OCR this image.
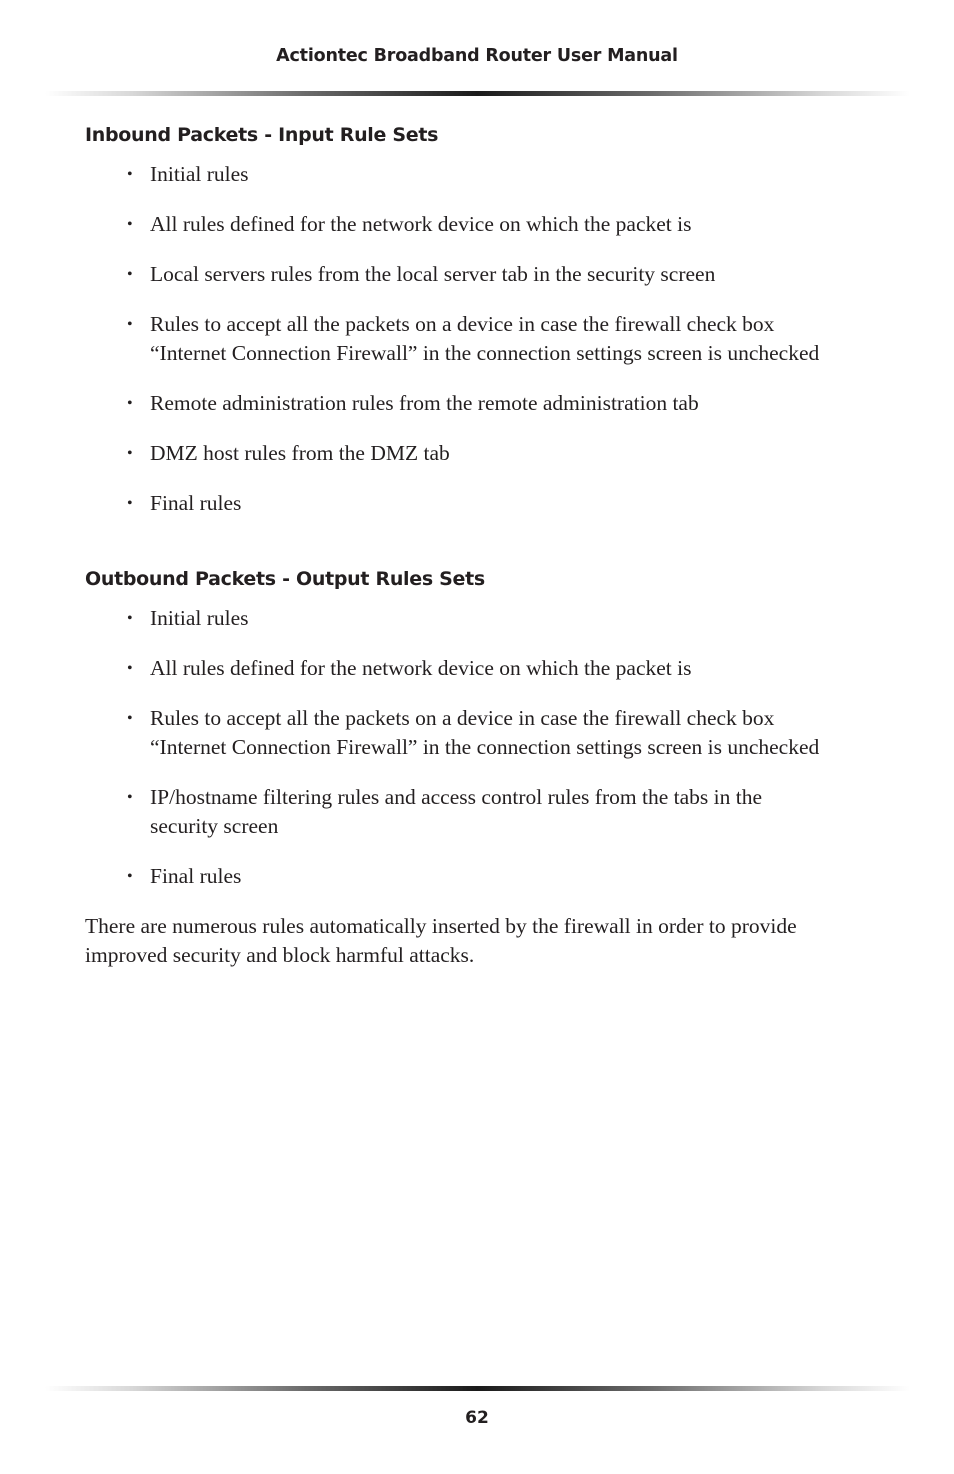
Actiontec Broadband Router User Manual
Inbound Packets - Input Rule Sets
• Initial rules
• All rules defined for the network device on which the packet is
• Local servers rules from the local server tab in the security screen
• Rules to accept all the packets on a device in case the firewall check box “Internet Connection Firewall” in the connection settings screen is unchecked
• Remote administration rules from the remote administration tab
• DMZ host rules from the DMZ tab
• Final rules
Outbound Packets - Output Rules Sets
• Initial rules
• All rules defined for the network device on which the packet is
• Rules to accept all the packets on a device in case the firewall check box “Internet Connection Firewall” in the connection settings screen is unchecked
• IP/hostname filtering rules and access control rules from the tabs in the security screen
• Final rules

There are numerous rules automatically inserted by the firewall in order to provide improved security and block harmful attacks.

62
